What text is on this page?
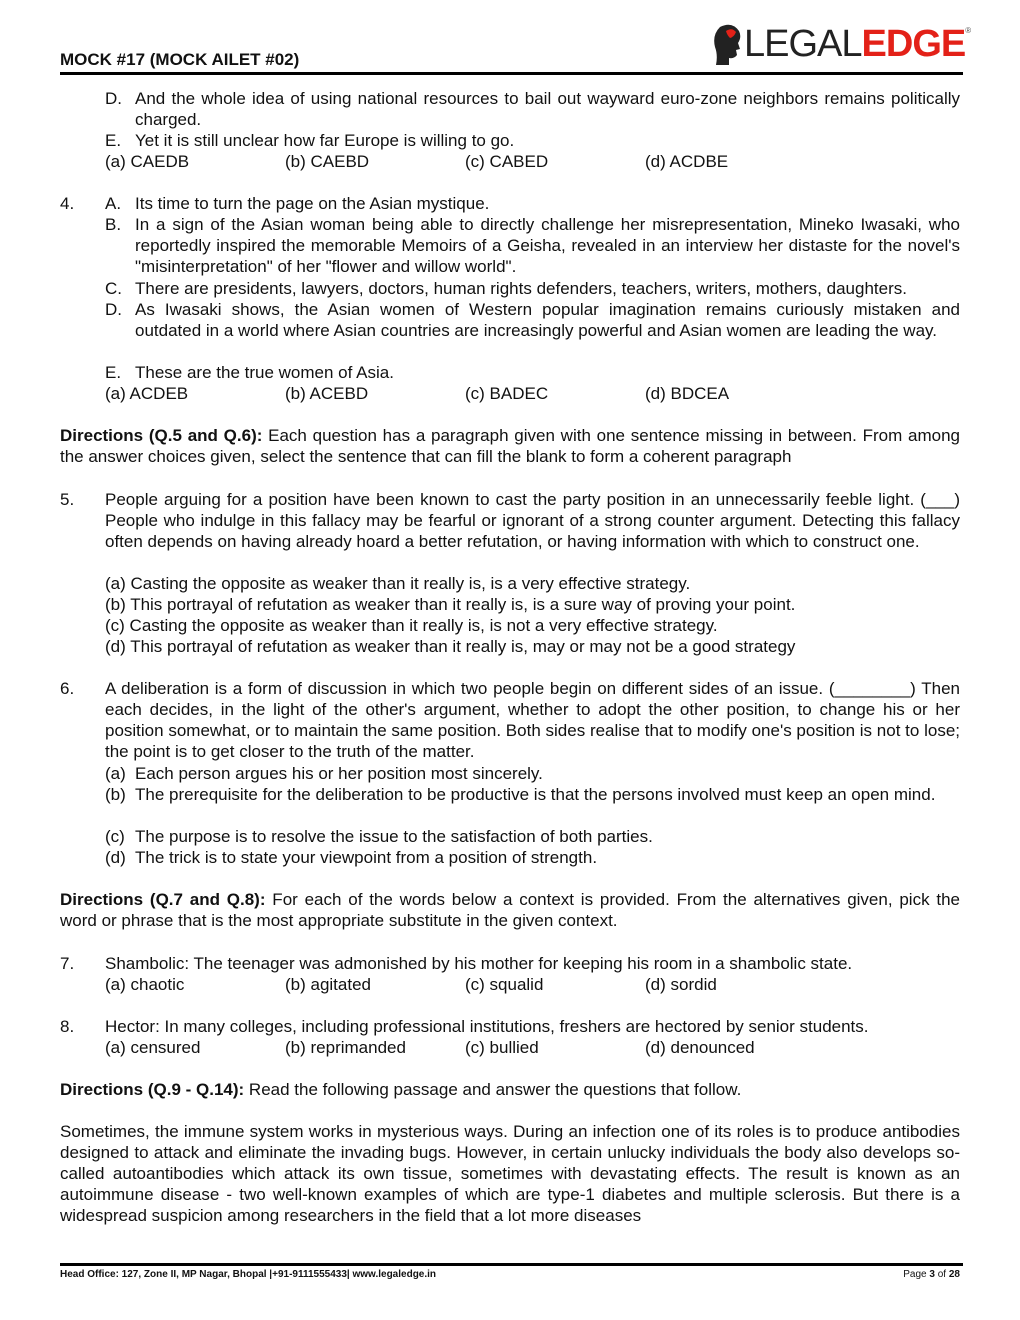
MOCK #17 (MOCK AILET #02)	LEGAL EDGE®
D. And the whole idea of using national resources to bail out wayward euro-zone neighbors remains politically charged.
E. Yet it is still unclear how far Europe is willing to go.
(a) CAEDB	(b) CAEBD	(c) CABED	(d) ACDBE
4. A. Its time to turn the page on the Asian mystique.
B. In a sign of the Asian woman being able to directly challenge her misrepresentation, Mineko Iwasaki, who reportedly inspired the memorable Memoirs of a Geisha, revealed in an interview her distaste for the novel's "misinterpretation" of her "flower and willow world".
C. There are presidents, lawyers, doctors, human rights defenders, teachers, writers, mothers, daughters.
D. As Iwasaki shows, the Asian women of Western popular imagination remains curiously mistaken and outdated in a world where Asian countries are increasingly powerful and Asian women are leading the way.
E. These are the true women of Asia.
(a) ACDEB	(b) ACEBD	(c) BADEC	(d) BDCEA
Directions (Q.5 and Q.6): Each question has a paragraph given with one sentence missing in between. From among the answer choices given, select the sentence that can fill the blank to form a coherent paragraph
5. People arguing for a position have been known to cast the party position in an unnecessarily feeble light. (___) People who indulge in this fallacy may be fearful or ignorant of a strong counter argument. Detecting this fallacy often depends on having already hoard a better refutation, or having information with which to construct one.
(a) Casting the opposite as weaker than it really is, is a very effective strategy.
(b) This portrayal of refutation as weaker than it really is, is a sure way of proving your point.
(c) Casting the opposite as weaker than it really is, is not a very effective strategy.
(d) This portrayal of refutation as weaker than it really is, may or may not be a good strategy
6. A deliberation is a form of discussion in which two people begin on different sides of an issue. (________) Then each decides, in the light of the other's argument, whether to adopt the other position, to change his or her position somewhat, or to maintain the same position. Both sides realise that to modify one's position is not to lose; the point is to get closer to the truth of the matter.
(a) Each person argues his or her position most sincerely.
(b) The prerequisite for the deliberation to be productive is that the persons involved must keep an open mind.
(c) The purpose is to resolve the issue to the satisfaction of both parties.
(d) The trick is to state your viewpoint from a position of strength.
Directions (Q.7 and Q.8): For each of the words below a context is provided. From the alternatives given, pick the word or phrase that is the most appropriate substitute in the given context.
7. Shambolic: The teenager was admonished by his mother for keeping his room in a shambolic state.
(a) chaotic	(b) agitated	(c) squalid	(d) sordid
8. Hector: In many colleges, including professional institutions, freshers are hectored by senior students.
(a) censured	(b) reprimanded	(c) bullied	(d) denounced
Directions (Q.9 - Q.14): Read the following passage and answer the questions that follow.
Sometimes, the immune system works in mysterious ways. During an infection one of its roles is to produce antibodies designed to attack and eliminate the invading bugs. However, in certain unlucky individuals the body also develops so-called autoantibodies which attack its own tissue, sometimes with devastating effects. The result is known as an autoimmune disease - two well-known examples of which are type-1 diabetes and multiple sclerosis. But there is a widespread suspicion among researchers in the field that a lot more diseases
Head Office: 127, Zone II, MP Nagar, Bhopal |+91-9111555433| www.legaledge.in	Page 3 of 28
